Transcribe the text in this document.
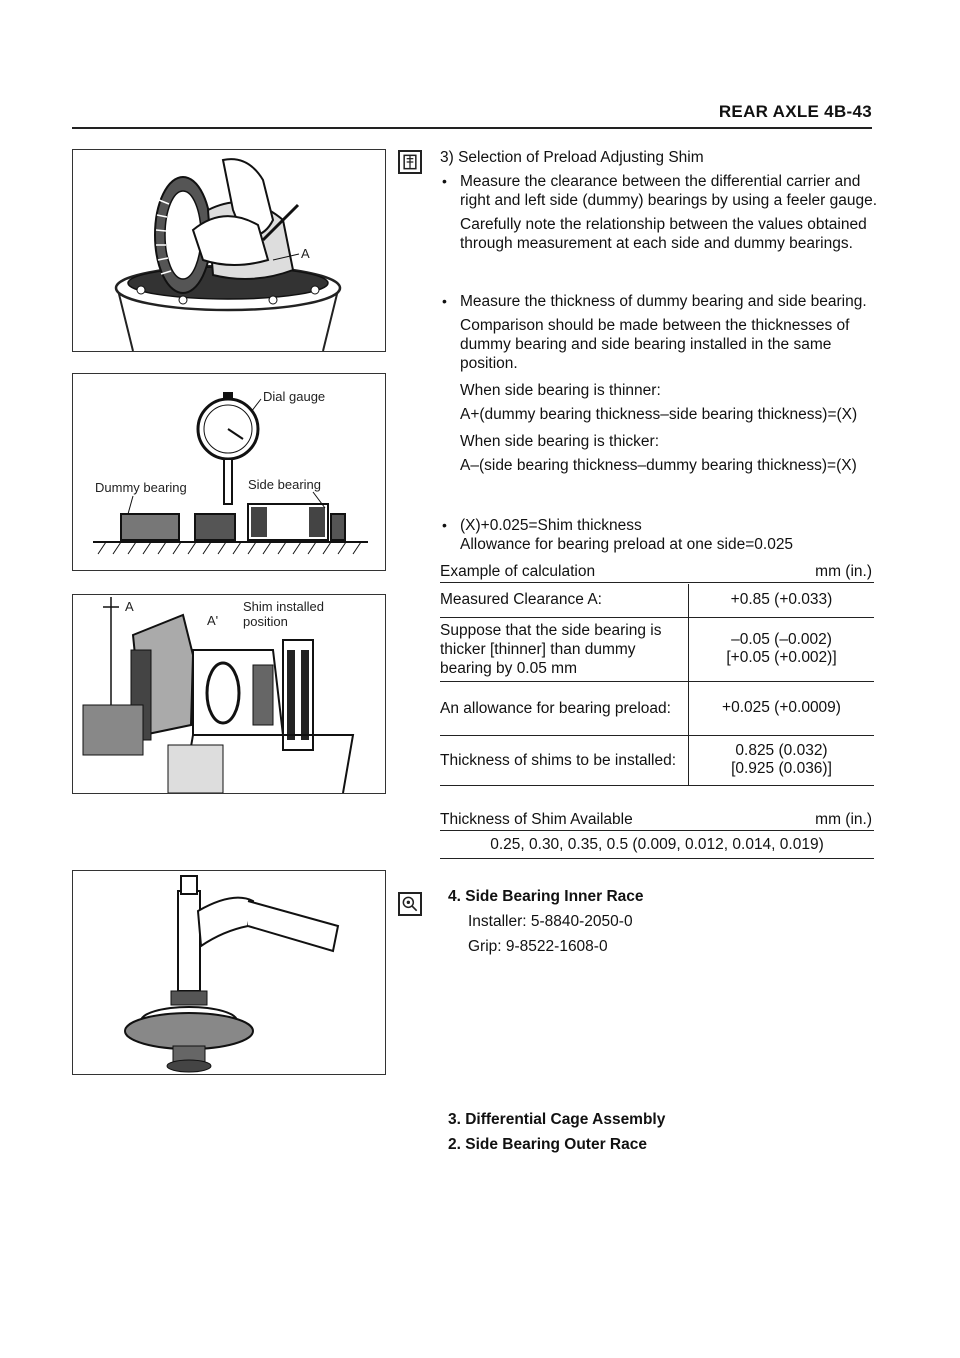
REAR AXLE 4B-43
A
Dial gauge
Dummy bearing	Side bearing
A
A'
Shim installed
position
3) Selection of Preload Adjusting Shim
• Measure the clearance between the differential carrier and right and left side (dummy) bearings by using a feeler gauge.
Carefully note the relationship between the values obtained through measurement at each side and dummy bearings.
• Measure the thickness of dummy bearing and side bearing.
Comparison should be made between the thicknesses of dummy bearing and side bearing installed in the same position.
When side bearing is thinner:
A+(dummy bearing thickness–side bearing thickness)=(X)
When side bearing is thicker:
A–(side bearing thickness–dummy bearing thickness)=(X)
• (X)+0.025=Shim thickness
Allowance for bearing preload at one side=0.025
Example of calculation	mm (in.)
Measured Clearance A:	+0.85 (+0.033)
Suppose that the side bearing is thicker [thinner] than dummy bearing by 0.05 mm	–0.05 (–0.002)
[+0.05 (+0.002)]

An allowance for bearing preload:	+0.025 (+0.0009)
Thickness of shims to be installed:	0.825 (0.032)
[0.925 (0.036)]
Thickness of Shim Available	mm (in.)
0.25, 0.30, 0.35, 0.5 (0.009, 0.012, 0.014, 0.019)
4. Side Bearing Inner Race
Installer: 5-8840-2050-0
Grip: 9-8522-1608-0
3. Differential Cage Assembly
2. Side Bearing Outer Race
